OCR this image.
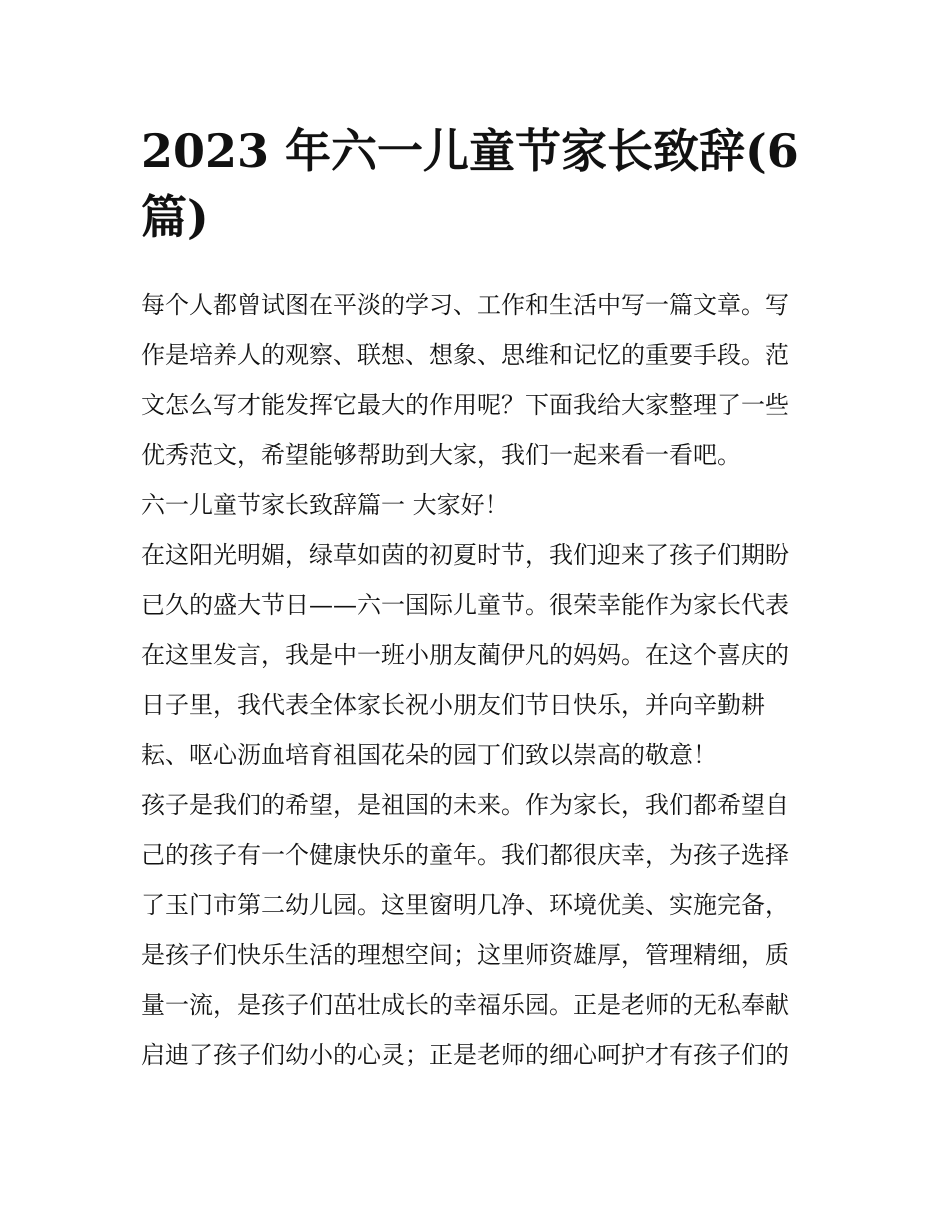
2023 年六一儿童节家长致辞(6
篇)

每个人都曾试图在平淡的学习、工作和生活中写一篇文章。写

作是培养人的观察、联想、想象、思维和记忆的重要手段。范

文怎么写才能发挥它最大的作用呢？下面我给大家整理了一些

优秀范文，希望能够帮助到大家，我们一起来看一看吧。

六一儿童节家长致辞篇一 大家好！

在这阳光明媚，绿草如茵的初夏时节，我们迎来了孩子们期盼

已久的盛大节日——六一国际儿童节。很荣幸能作为家长代表

在这里发言，我是中一班小朋友蔺伊凡的妈妈。在这个喜庆的

日子里，我代表全体家长祝小朋友们节日快乐，并向辛勤耕

耘、呕心沥血培育祖国花朵的园丁们致以崇高的敬意！

孩子是我们的希望，是祖国的未来。作为家长，我们都希望自

己的孩子有一个健康快乐的童年。我们都很庆幸，为孩子选择

了玉门市第二幼儿园。这里窗明几净、环境优美、实施完备，

是孩子们快乐生活的理想空间；这里师资雄厚，管理精细，质

量一流，是孩子们茁壮成长的幸福乐园。正是老师的无私奉献

启迪了孩子们幼小的心灵；正是老师的细心呵护才有孩子们的
